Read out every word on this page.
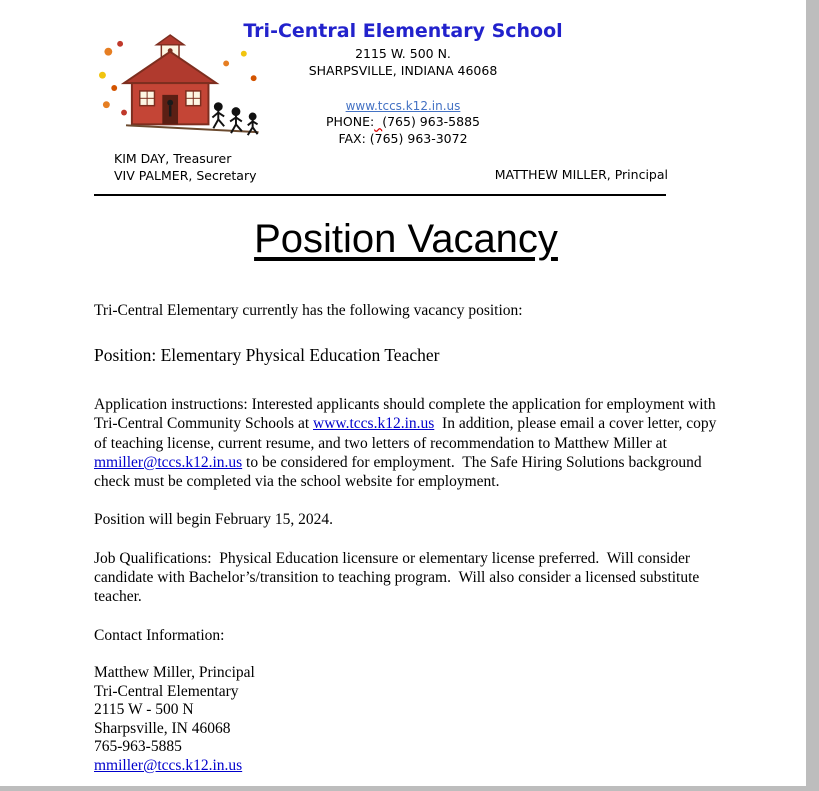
Tri-Central Elementary School
2115 W. 500 N.
SHARPSVILLE, INDIANA 46068
www.tccs.k12.in.us
PHONE: (765) 963-5885
FAX: (765) 963-3072
KIM DAY, Treasurer
VIV PALMER, Secretary	MATTHEW MILLER, Principal
Position Vacancy

Tri-Central Elementary currently has the following vacancy position:

Position: Elementary Physical Education Teacher

Application instructions: Interested applicants should complete the application for employment with Tri-Central Community Schools at www.tccs.k12.in.us  In addition, please email a cover letter, copy of teaching license, current resume, and two letters of recommendation to Matthew Miller at mmiller@tccs.k12.in.us to be considered for employment.  The Safe Hiring Solutions background check must be completed via the school website for employment.

Position will begin February 15, 2024.

Job Qualifications:  Physical Education licensure or elementary license preferred.  Will consider candidate with Bachelor’s/transition to teaching program.  Will also consider a licensed substitute teacher.

Contact Information:

Matthew Miller, Principal
Tri-Central Elementary
2115 W - 500 N
Sharpsville, IN 46068
765-963-5885
mmiller@tccs.k12.in.us
